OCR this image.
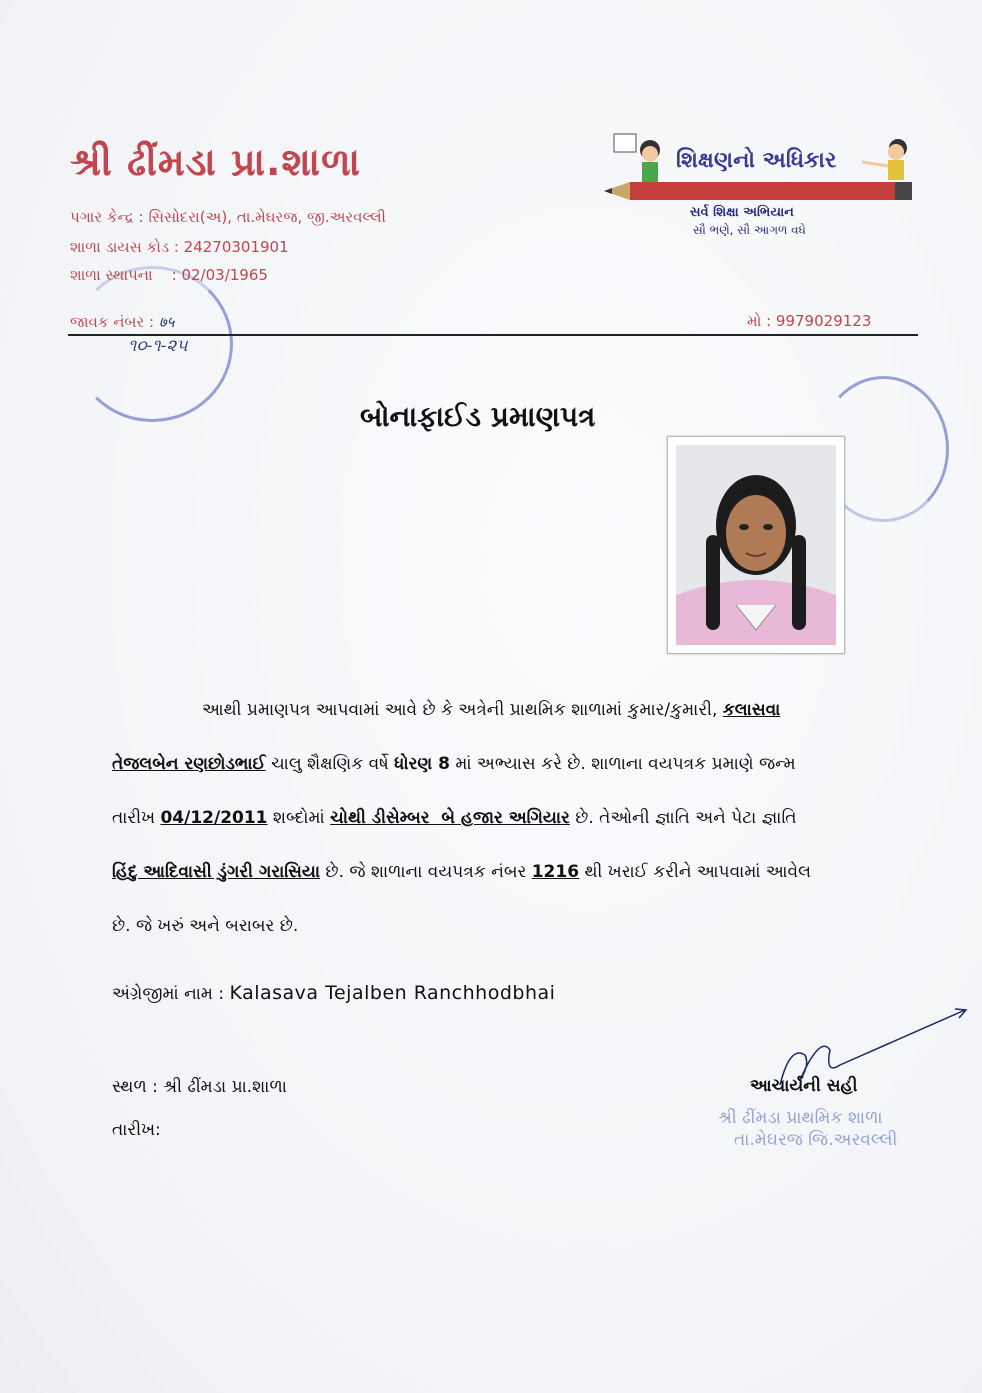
શ્રી ઢીંમડા પ્રા.શાળા
પગાર કેન્દ્ર : સિસોદરા(અ), તા.મેઘરજ, જી.અરવલ્લી
શાળા ડાયસ કોડ : 24270301901
શાળા સ્થાપના    : 02/03/1965
જાવક નંબર : ७५
૧૦-૧-૨૫
મો : 9979029123
શિક્ષણનો અધિકાર
સર્વ શિક્ષા અભિયાન
સૌ ભણે, સૌ આગળ વધે
બોનાફાઈડ પ્રમાણપત્ર
આથી પ્રમાણપત્ર આપવામાં આવે છે કે અત્રેની પ્રાથમિક શાળામાં કુમાર/કુમારી, કલાસવા
તેજલબેન રણછોડભાઈ ચાલુ શૈક્ષણિક વર્ષે ધોરણ 8 માં અભ્યાસ કરે છે. શાળાના વયપત્રક પ્રમાણે જન્મ
તારીખ 04/12/2011 શબ્દોમાં ચોથી ડીસેમ્બર  બે હજાર અગિયાર છે. તેઓની જ્ઞાતિ અને પેટા જ્ઞાતિ
હિંદુ આદિવાસી ડુંગરી ગરાસિયા છે. જે શાળાના વયપત્રક નંબર 1216 થી ખરાઈ કરીને આપવામાં આવેલ
છે. જે ખરું અને બરાબર છે.
અંગ્રેજીમાં નામ : Kalasava Tejalben Ranchhodbhai
સ્થળ : શ્રી ઢીંમડા પ્રા.શાળા
તારીખ:
આચાર્યની સહી
શ્રી ઢીંમડા પ્રાથમિક શાળા
તા.મેઘરજ જિ.અરવલ્લી
